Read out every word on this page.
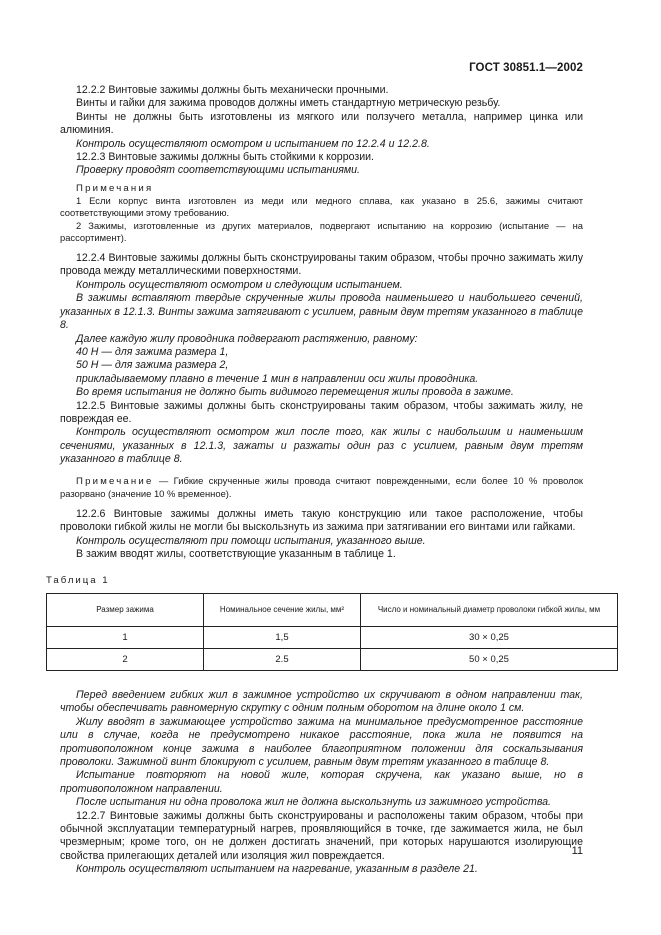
ГОСТ 30851.1—2002

12.2.2 Винтовые зажимы должны быть механически прочными.

Винты и гайки для зажима проводов должны иметь стандартную метрическую резьбу.

Винты не должны быть изготовлены из мягкого или ползучего металла, например цинка или алюминия.

Контроль осуществляют осмотром и испытанием по 12.2.4 и 12.2.8.

12.2.3 Винтовые зажимы должны быть стойкими к коррозии.

Проверку проводят соответствующими испытаниями.

Примечания

1 Если корпус винта изготовлен из меди или медного сплава, как указано в 25.6, зажимы считают соответствующими этому требованию.

2 Зажимы, изготовленные из других материалов, подвергают испытанию на коррозию (испытание — на рассортимент).

12.2.4 Винтовые зажимы должны быть сконструированы таким образом, чтобы прочно зажимать жилу провода между металлическими поверхностями.

Контроль осуществляют осмотром и следующим испытанием.

В зажимы вставляют твердые скрученные жилы провода наименьшего и наибольшего сечений, указанных в 12.1.3. Винты зажима затягивают с усилием, равным двум третям указанного в таблице 8.

Далее каждую жилу проводника подвергают растяжению, равному:

40 Н — для зажима размера 1,

50 Н — для зажима размера 2,

прикладываемому плавно в течение 1 мин в направлении оси жилы проводника.

Во время испытания не должно быть видимого перемещения жилы провода в зажиме.

12.2.5 Винтовые зажимы должны быть сконструированы таким образом, чтобы зажимать жилу, не повреждая ее.

Контроль осуществляют осмотром жил после того, как жилы с наибольшим и наименьшим сечениями, указанных в 12.1.3, зажаты и разжаты один раз с усилием, равным двум третям указанного в таблице 8.

Примечание — Гибкие скрученные жилы провода считают поврежденными, если более 10 % проволок разорвано (значение 10 % временное).

12.2.6 Винтовые зажимы должны иметь такую конструкцию или такое расположение, чтобы проволоки гибкой жилы не могли бы выскользнуть из зажима при затягивании его винтами или гайками.

Контроль осуществляют при помощи испытания, указанного выше.

В зажим вводят жилы, соответствующие указанным в таблице 1.

Таблица 1
Размер зажима	Номинальное сечение жилы, мм²	Число и номинальный диаметр проволоки гибкой жилы, мм
1	1,5	30 × 0,25
2	2.5	50 × 0,25

Перед введением гибких жил в зажимное устройство их скручивают в одном направлении так, чтобы обеспечивать равномерную скрутку с одним полным оборотом на длине около 1 см.

Жилу вводят в зажимающее устройство зажима на минимальное предусмотренное расстояние или в случае, когда не предусмотрено никакое расстояние, пока жила не появится на противоположном конце зажима в наиболее благоприятном положении для соскальзывания проволоки. Зажимной винт блокируют с усилием, равным двум третям указанного в таблице 8.

Испытание повторяют на новой жиле, которая скручена, как указано выше, но в противоположном направлении.

После испытания ни одна проволока жил не должна выскользнуть из зажимного устройства.

12.2.7 Винтовые зажимы должны быть сконструированы и расположены таким образом, чтобы при обычной эксплуатации температурный нагрев, проявляющийся в точке, где зажимается жила, не был чрезмерным; кроме того, он не должен достигать значений, при которых нарушаются изолирующие свойства прилегающих деталей или изоляция жил повреждается.

Контроль осуществляют испытанием на нагревание, указанным в разделе 21.

11
